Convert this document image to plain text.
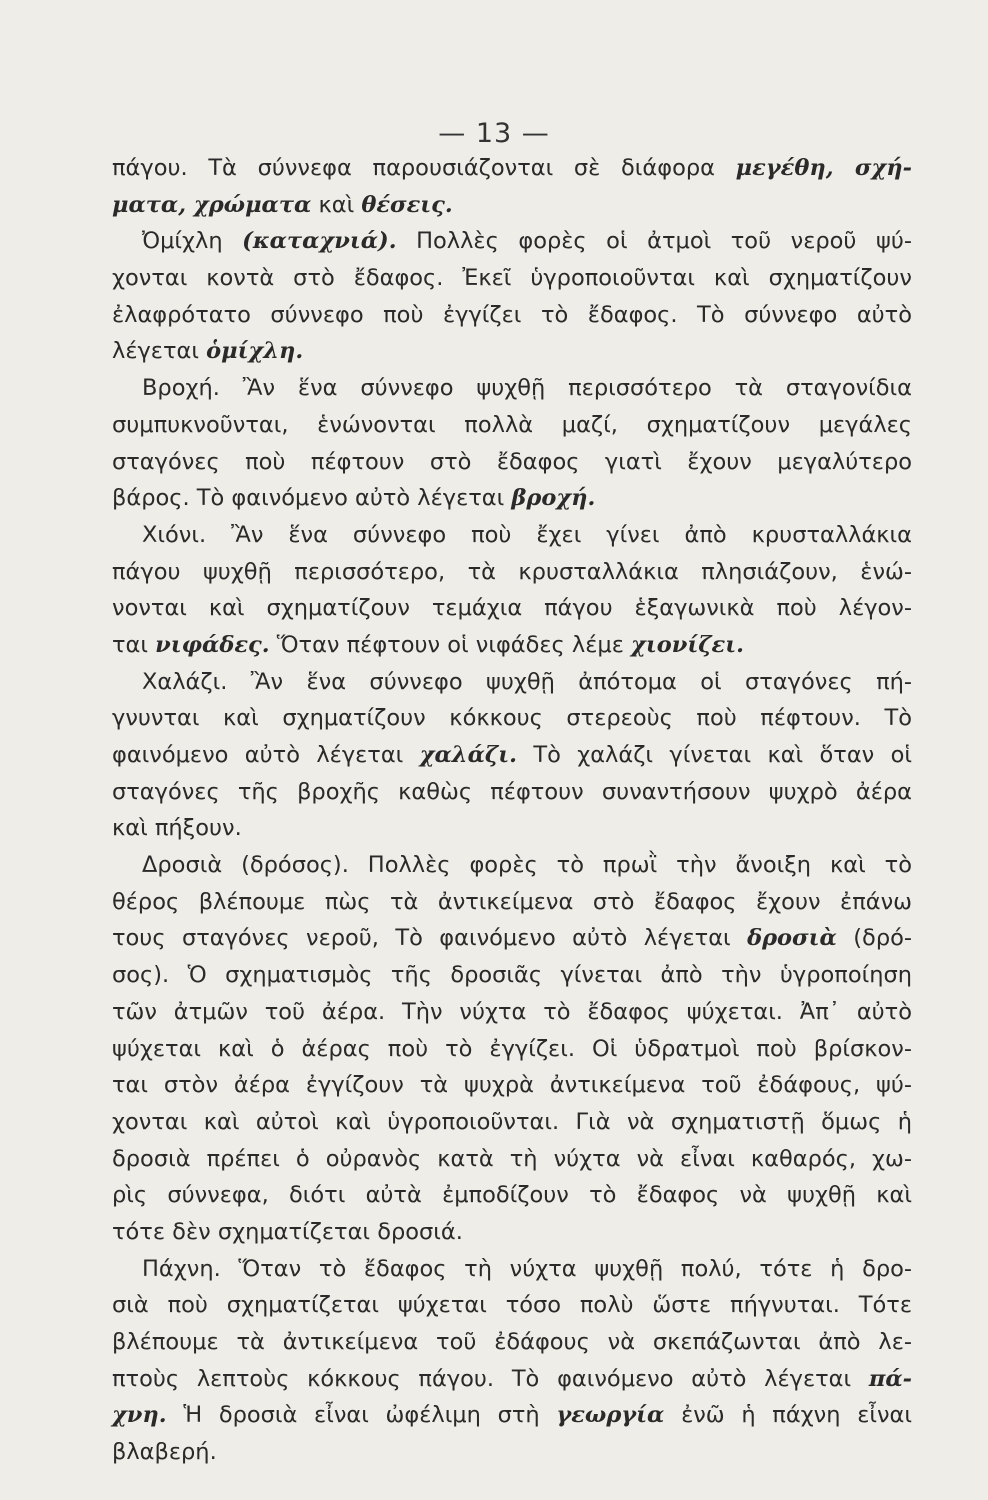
— 13 —
πάγου. Τὰ σύννεφα παρουσιάζονται σὲ διάφορα μεγέθη, σχή-
ματα, χρώματα καὶ θέσεις.
Ὀμίχλη (καταχνιά). Πολλὲς φορὲς οἱ ἀτμοὶ τοῦ νεροῦ ψύ-
χονται κοντὰ στὸ ἔδαφος. Ἐκεῖ ὑγροποιοῦνται καὶ σχηματίζουν
ἐλαφρότατο σύννεφο ποὺ ἐγγίζει τὸ ἔδαφος. Τὸ σύννεφο αὐτὸ
λέγεται ὁμίχλη.
Βροχή. Ἂν ἕνα σύννεφο ψυχθῇ περισσότερο τὰ σταγονίδια
συμπυκνοῦνται, ἑνώνονται πολλὰ μαζί, σχηματίζουν μεγάλες
σταγόνες ποὺ πέφτουν στὸ ἔδαφος γιατὶ ἔχουν μεγαλύτερο
βάρος. Τὸ φαινόμενο αὐτὸ λέγεται βροχή.
Χιόνι. Ἂν ἕνα σύννεφο ποὺ ἔχει γίνει ἀπὸ κρυσταλλάκια
πάγου ψυχθῇ περισσότερο, τὰ κρυσταλλάκια πλησιάζουν, ἑνώ-
νονται καὶ σχηματίζουν τεμάχια πάγου ἑξαγωνικὰ ποὺ λέγον-
ται νιφάδες. Ὅταν πέφτουν οἱ νιφάδες λέμε χιονίζει.
Χαλάζι. Ἂν ἕνα σύννεφο ψυχθῇ ἀπότομα οἱ σταγόνες πή-
γνυνται καὶ σχηματίζουν κόκκους στερεοὺς ποὺ πέφτουν. Τὸ
φαινόμενο αὐτὸ λέγεται χαλάζι. Τὸ χαλάζι γίνεται καὶ ὅταν οἱ
σταγόνες τῆς βροχῆς καθὼς πέφτουν συναντήσουν ψυχρὸ ἀέρα
καὶ πήξουν.
Δροσιὰ (δρόσος). Πολλὲς φορὲς τὸ πρωῒ τὴν ἄνοιξη καὶ τὸ
θέρος βλέπουμε πὼς τὰ ἀντικείμενα στὸ ἔδαφος ἔχουν ἐπάνω
τους σταγόνες νεροῦ, Τὸ φαινόμενο αὐτὸ λέγεται δροσιὰ (δρό-
σος). Ὁ σχηματισμὸς τῆς δροσιᾶς γίνεται ἀπὸ τὴν ὑγροποίηση
τῶν ἀτμῶν τοῦ ἀέρα. Τὴν νύχτα τὸ ἔδαφος ψύχεται. Ἀπ᾿ αὐτὸ
ψύχεται καὶ ὁ ἀέρας ποὺ τὸ ἐγγίζει. Οἱ ὑδρατμοὶ ποὺ βρίσκον-
ται στὸν ἀέρα ἐγγίζουν τὰ ψυχρὰ ἀντικείμενα τοῦ ἐδάφους, ψύ-
χονται καὶ αὐτοὶ καὶ ὑγροποιοῦνται. Γιὰ νὰ σχηματιστῇ ὅμως ἡ
δροσιὰ πρέπει ὁ οὐρανὸς κατὰ τὴ νύχτα νὰ εἶναι καθαρός, χω-
ρὶς σύννεφα, διότι αὐτὰ ἐμποδίζουν τὸ ἔδαφος νὰ ψυχθῇ καὶ
τότε δὲν σχηματίζεται δροσιά.
Πάχνη. Ὅταν τὸ ἔδαφος τὴ νύχτα ψυχθῇ πολύ, τότε ἡ δρο-
σιὰ ποὺ σχηματίζεται ψύχεται τόσο πολὺ ὥστε πήγνυται. Τότε
βλέπουμε τὰ ἀντικείμενα τοῦ ἐδάφους νὰ σκεπάζωνται ἀπὸ λε-
πτοὺς λεπτοὺς κόκκους πάγου. Τὸ φαινόμενο αὐτὸ λέγεται πά-
χνη. Ἡ δροσιὰ εἶναι ὠφέλιμη στὴ γεωργία ἐνῶ ἡ πάχνη εἶναι
βλαβερή.
